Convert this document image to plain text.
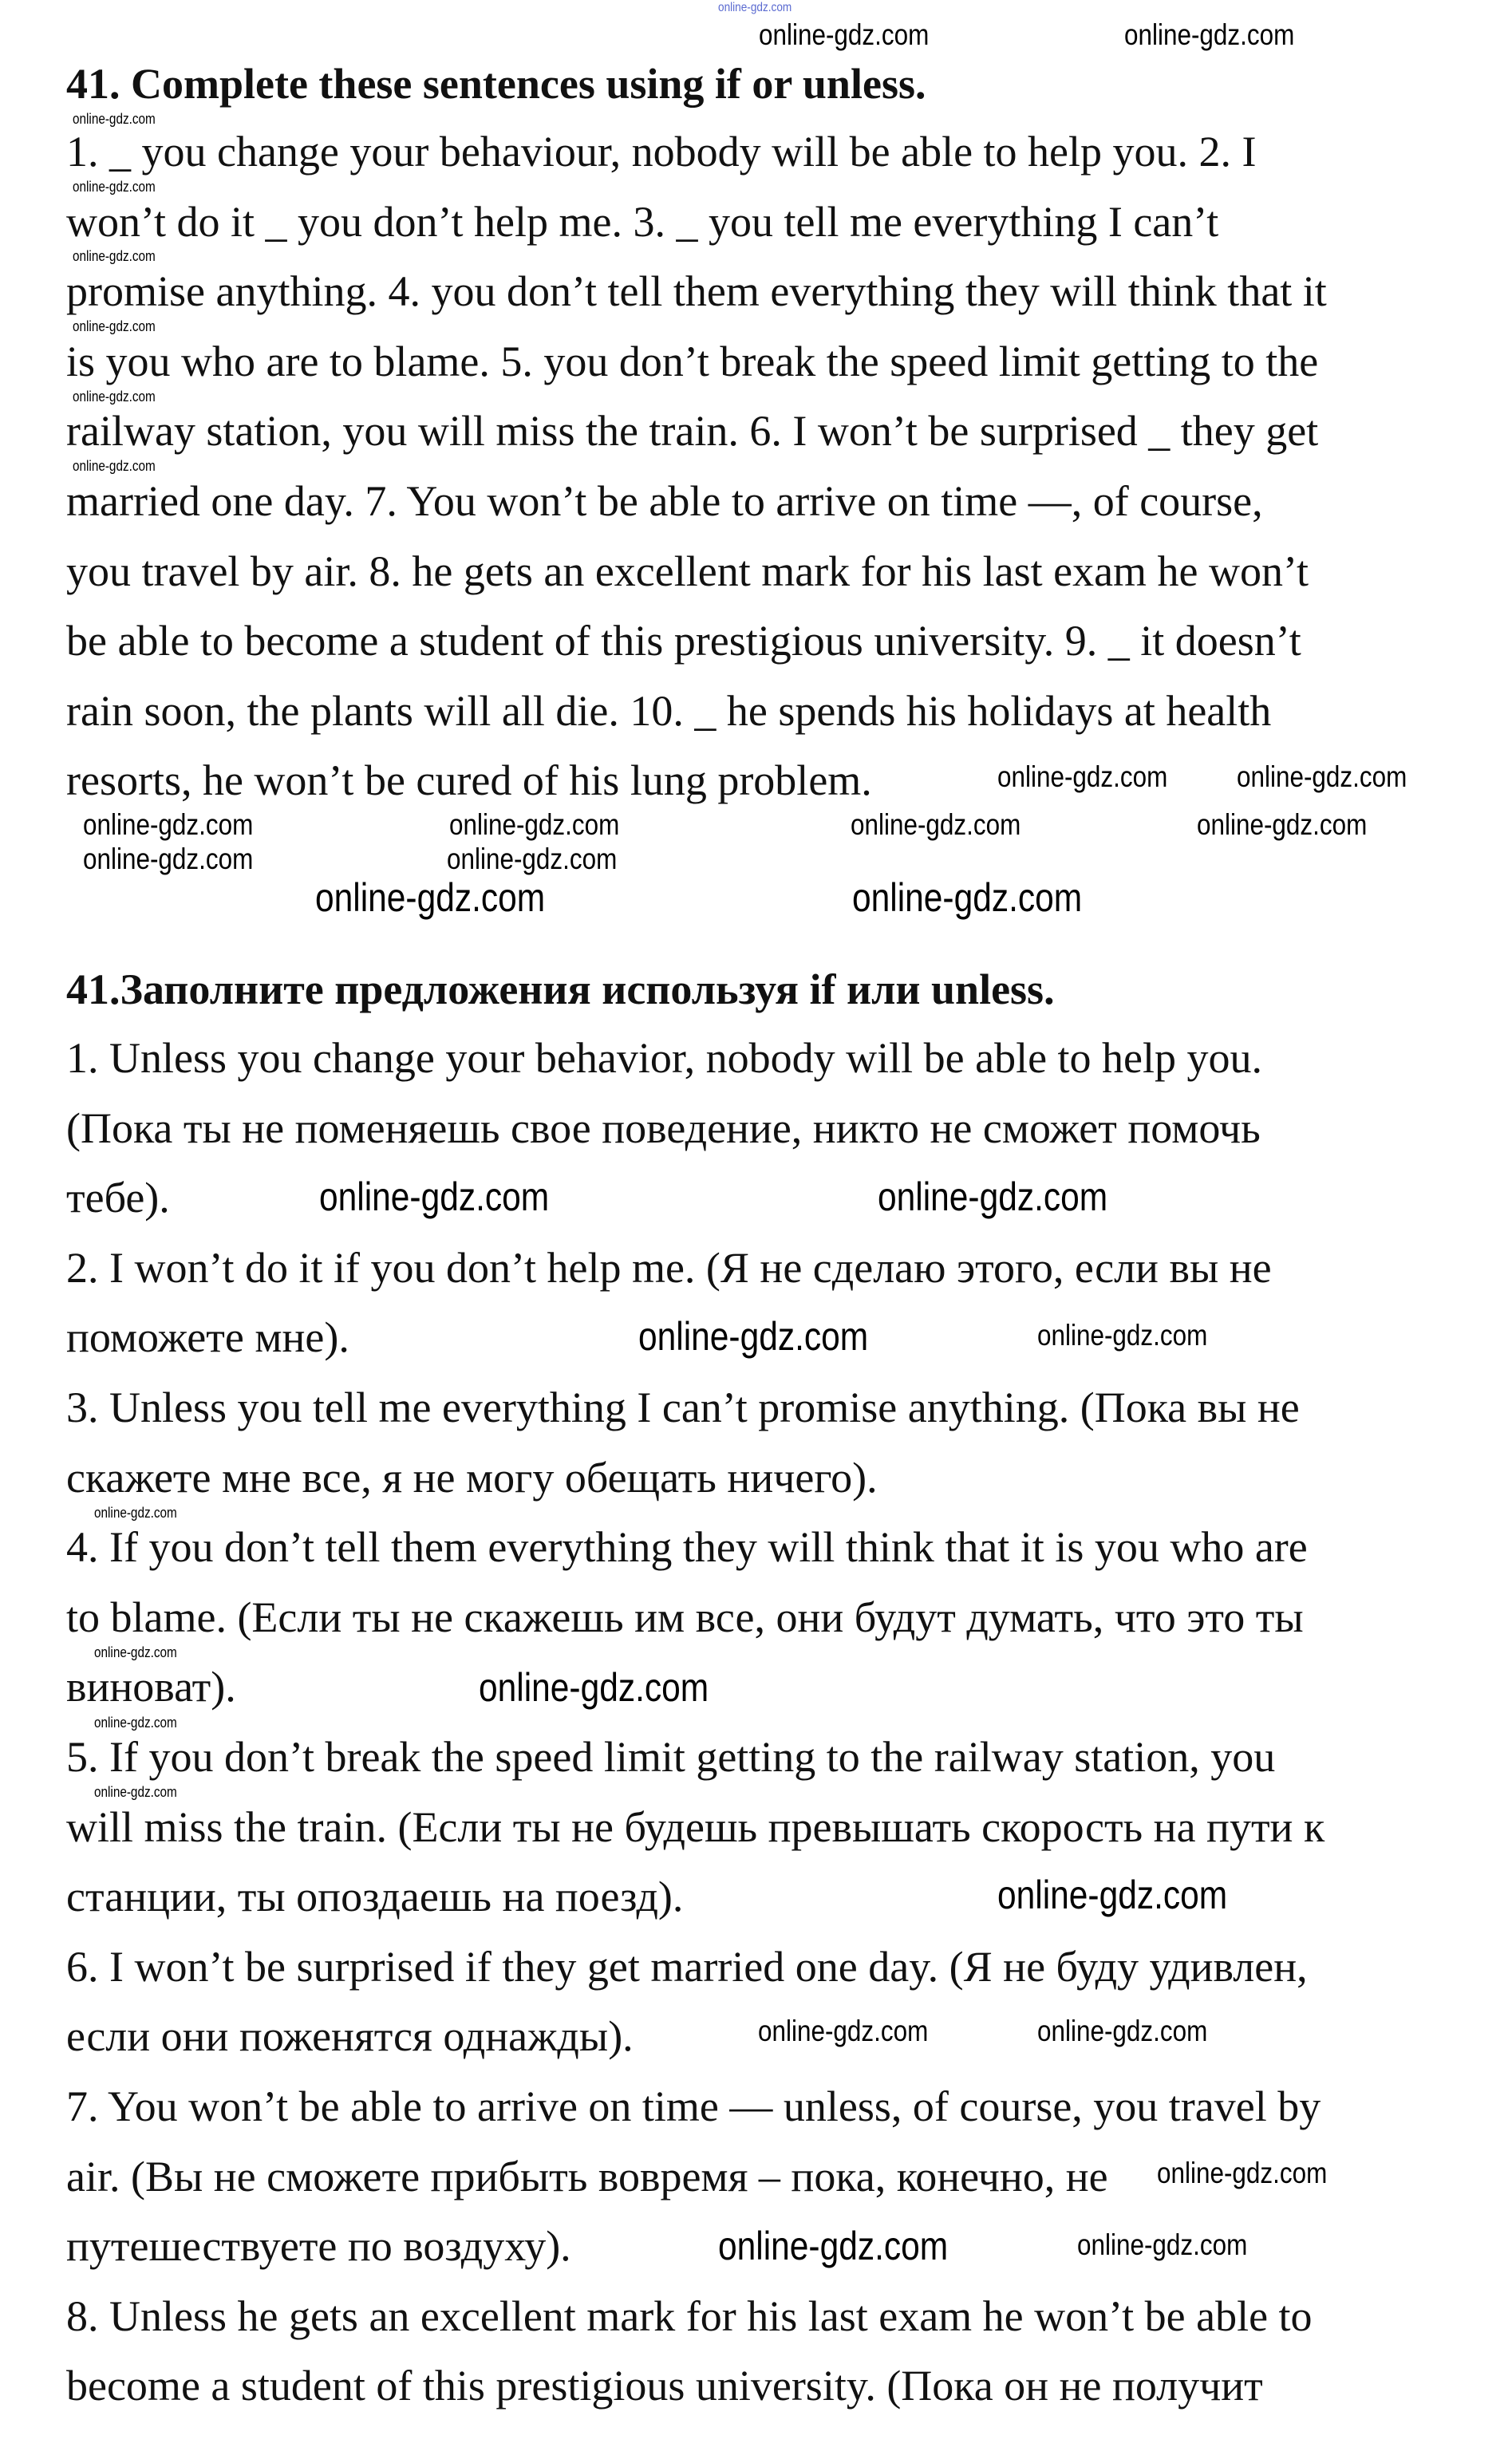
41. Complete these sentences using if or unless.
1. _ you change your behaviour, nobody will be able to help you. 2. I
won’t do it _ you don’t help me. 3. _ you tell me everything I can’t
promise anything. 4. you don’t tell them everything they will think that it
is you who are to blame. 5. you don’t break the speed limit getting to the
railway station, you will miss the train. 6. I won’t be surprised _ they get
married one day. 7. You won’t be able to arrive on time —, of course,
you travel by air. 8. he gets an excellent mark for his last exam he won’t
be able to become a student of this prestigious university. 9. _ it doesn’t
rain soon, the plants will all die. 10. _ he spends his holidays at health
resorts, he won’t be cured of his lung problem.
41.Заполните предложения используя if или unless.
1. Unless you change your behavior, nobody will be able to help you.
(Пока ты не поменяешь свое поведение, никто не сможет помочь
тебе).
2. I won’t do it if you don’t help me. (Я не сделаю этого, если вы не
поможете мне).
3. Unless you tell me everything I can’t promise anything. (Пока вы не
скажете мне все, я не могу обещать ничего).
4. If you don’t tell them everything they will think that it is you who are
to blame. (Если ты не скажешь им все, они будут думать, что это ты
виноват).
5. If you don’t break the speed limit getting to the railway station, you
will miss the train. (Если ты не будешь превышать скорость на пути к
станции, ты опоздаешь на поезд).
6. I won’t be surprised if they get married one day. (Я не буду удивлен,
если они поженятся однажды).
7. You won’t be able to arrive on time — unless, of course, you travel by
air. (Вы не сможете прибыть вовремя – пока, конечно, не
путешествуете по воздуху).
8. Unless he gets an excellent mark for his last exam he won’t be able to
become a student of this prestigious university. (Пока он не получит
online-gdz.com
online-gdz.com
online-gdz.com	online-gdz.com
online-gdz.com
online-gdz.com
online-gdz.com
online-gdz.com
online-gdz.com
online-gdz.com online-gdz.com
online-gdz.com	online-gdz.com	online-gdz.com	online-gdz.com
online-gdz.com	online-gdz.com
online-gdz.com	online-gdz.com
online-gdz.com	online-gdz.com
online-gdz.com	online-gdz.com
online-gdz.com
online-gdz.com
online-gdz.com
online-gdz.com
online-gdz.com
online-gdz.com
online-gdz.com	online-gdz.com
online-gdz.com
online-gdz.com	online-gdz.com
